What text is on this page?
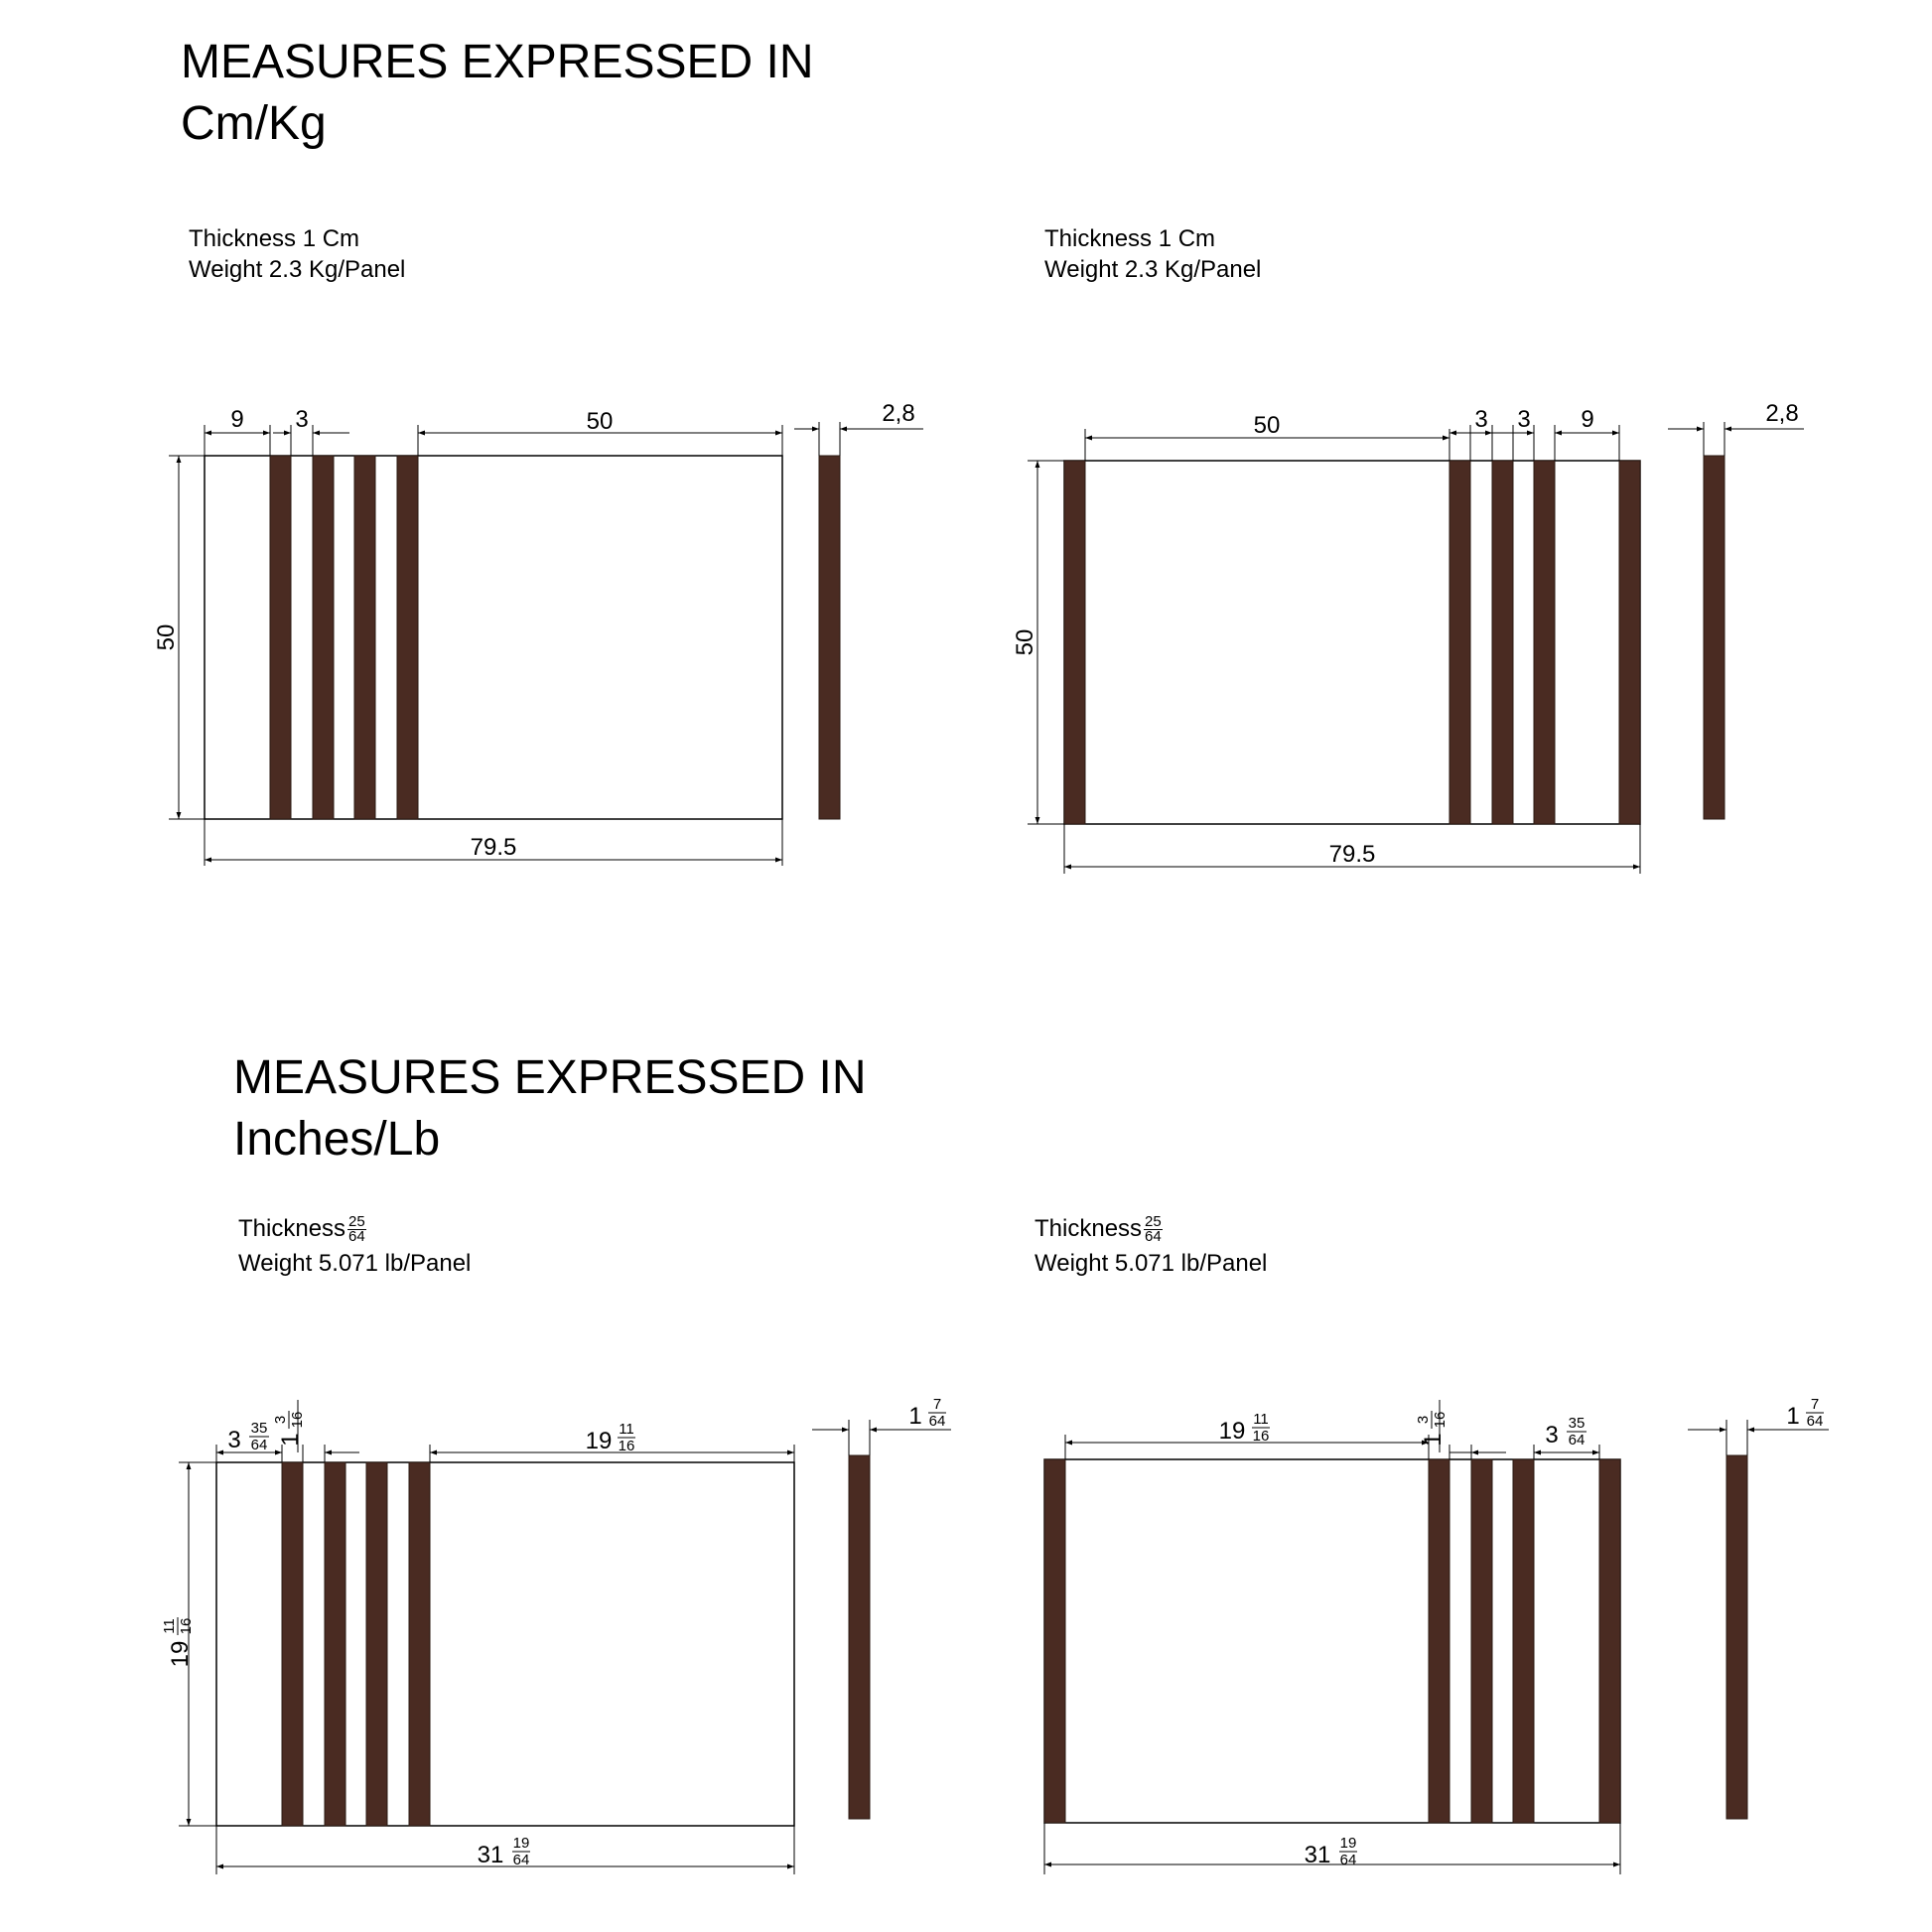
MEASURES EXPRESSED IN
Cm/Kg
MEASURES EXPRESSED IN
Inches/Lb
Thickness 1 Cm
Weight 2.3 Kg/Panel
Thickness 1 Cm
Weight 2.3 Kg/Panel
Thickness $\frac{25}{64}$
Weight 5.071 lb/Panel
Thickness $\frac{25}{64}$
Weight 5.071 lb/Panel
9 3	50	2,8
50
79.5
50	3 3 9	2,8
50
79.5
3 35
64 1
3 16
19 11
16
1 7
64
19
11 16
31 19
64
19 11
16	1
3 16
3 35
64
1 7
64
31 19
64
